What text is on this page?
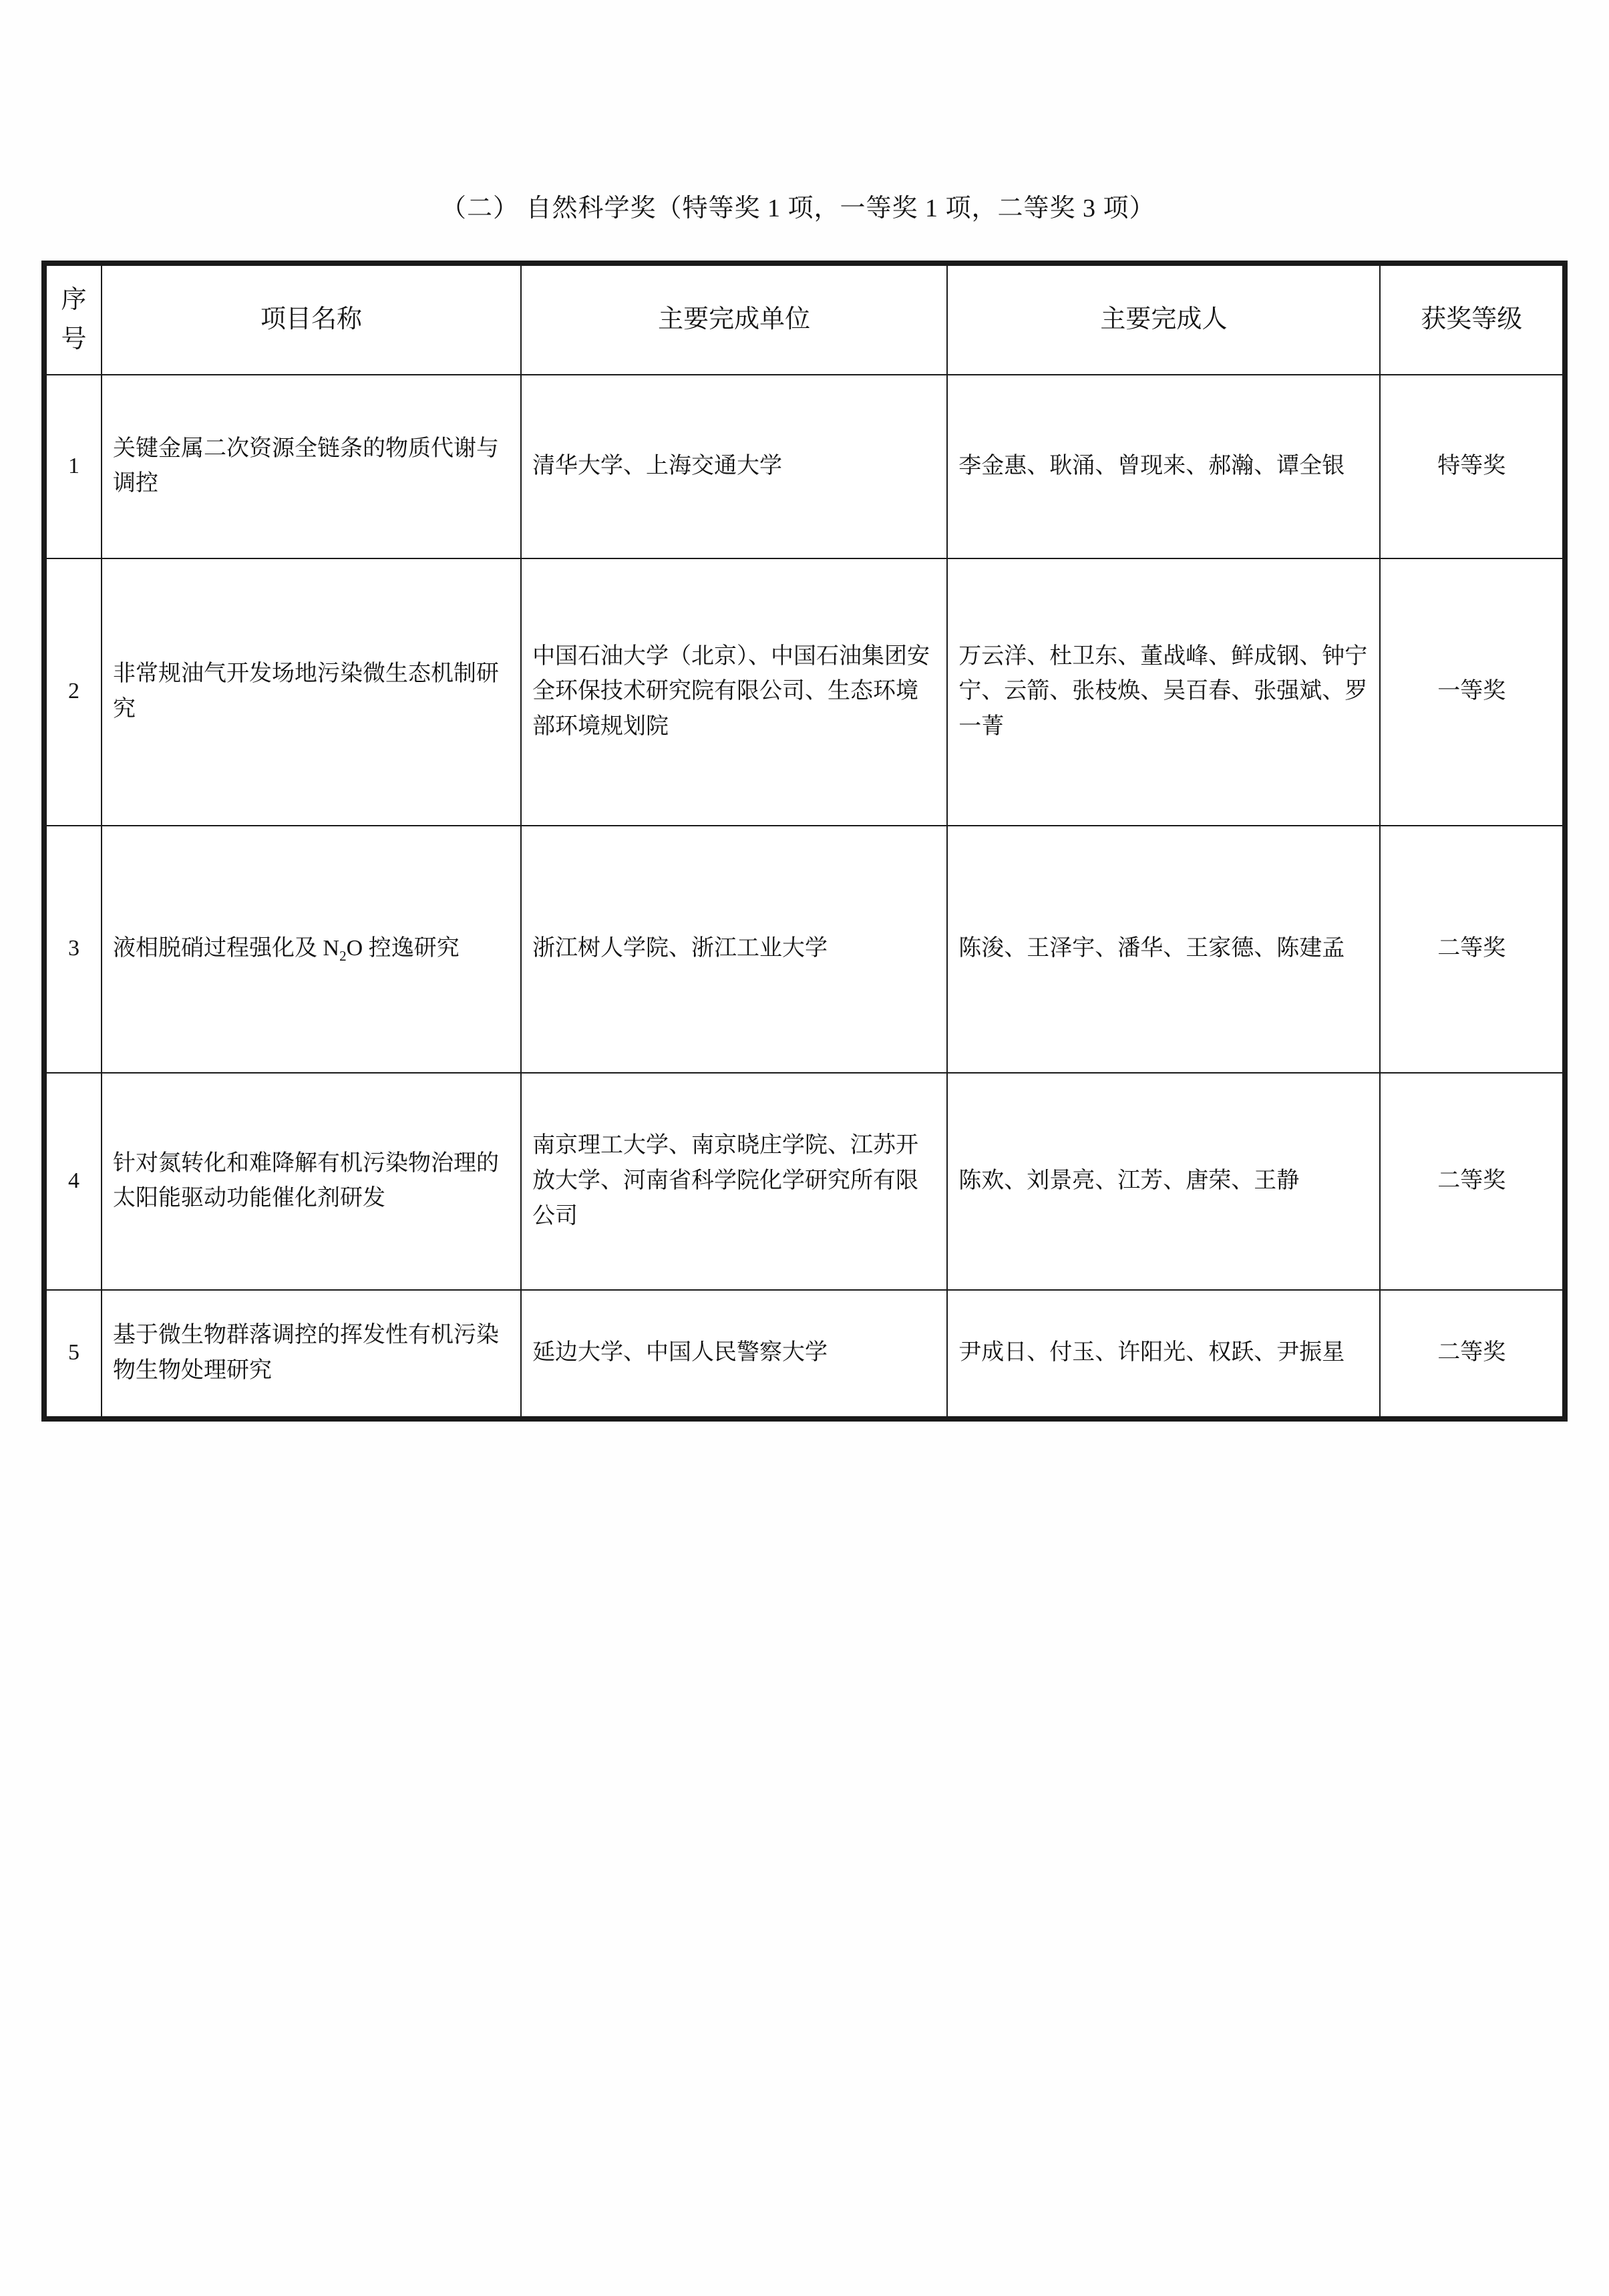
（二） 自然科学奖（特等奖 1 项，一等奖 1 项，二等奖 3 项）
序
号	项目名称	主要完成单位	主要完成人	获奖等级
1	关键金属二次资源全链条的物质代谢与调控	清华大学、上海交通大学	李金惠、耿涌、曾现来、郝瀚、谭全银	特等奖
2	非常规油气开发场地污染微生态机制研究	中国石油大学（北京）、中国石油集团安全环保技术研究院有限公司、生态环境部环境规划院	万云洋、杜卫东、董战峰、鲜成钢、钟宁宁、云箭、张枝焕、吴百春、张强斌、罗一菁	一等奖
3	液相脱硝过程强化及 $N_2O$ 控逸研究	浙江树人学院、浙江工业大学	陈浚、王泽宇、潘华、王家德、陈建孟	二等奖
4	针对氮转化和难降解有机污染物治理的太阳能驱动功能催化剂研发	南京理工大学、南京晓庄学院、江苏开放大学、河南省科学院化学研究所有限公司	陈欢、刘景亮、江芳、唐荣、王静	二等奖
5	基于微生物群落调控的挥发性有机污染物生物处理研究	延边大学、中国人民警察大学	尹成日、付玉、许阳光、权跃、尹振星	二等奖
